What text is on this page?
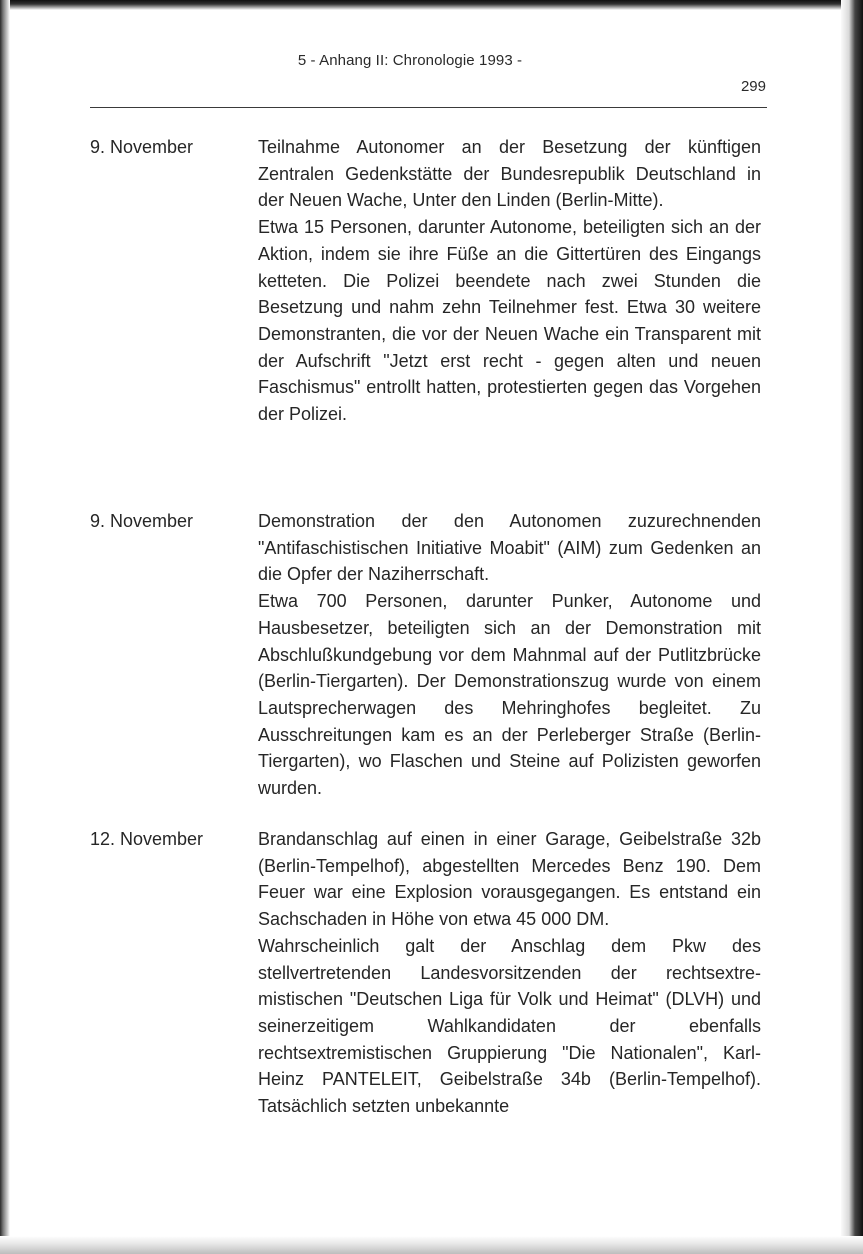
5 - Anhang II: Chronologie 1993 -
299
9. November	Teilnahme Autonomer an der Besetzung der künftigen Zentralen Gedenkstätte der Bundesrepublik Deutschland in der Neuen Wache, Unter den Linden (Berlin-Mitte).

Etwa 15 Personen, darunter Autonome, beteiligten sich an der Aktion, indem sie ihre Füße an die Gittertüren des Eingangs ketteten. Die Polizei beendete nach zwei Stunden die Besetzung und nahm zehn Teilnehmer fest. Etwa 30 weitere Demonstranten, die vor der Neuen Wache ein Transparent mit der Aufschrift "Jetzt erst recht - gegen alten und neuen Faschismus" entrollt hatten, protestierten gegen das Vorgehen der Polizei.

9. November	Demonstration der den Autonomen zuzurechnenden "Antifaschistischen Initiative Moabit" (AIM) zum Gedenken an die Opfer der Naziherrschaft.

Etwa 700 Personen, darunter Punker, Autonome und Hausbesetzer, beteiligten sich an der Demonstration mit Abschlußkundgebung vor dem Mahnmal auf der Putlitzbrücke (Berlin-Tiergarten). Der Demonstrationszug wurde von einem Lautsprecherwagen des Mehringhofes begleitet. Zu Ausschreitungen kam es an der Perleberger Straße (Berlin-Tiergarten), wo Flaschen und Steine auf Polizisten geworfen wurden.

12. November	Brandanschlag auf einen in einer Garage, Geibelstraße 32b (Berlin-Tempelhof), abgestellten Mercedes Benz 190. Dem Feuer war eine Explosion vorausgegangen. Es entstand ein Sachschaden in Höhe von etwa 45 000 DM.

Wahrscheinlich galt der Anschlag dem Pkw des stellvertretenden Landesvorsitzenden der rechtsextremistischen "Deutschen Liga für Volk und Heimat" (DLVH) und seinerzeitigem Wahlkandidaten der ebenfalls rechtsextremistischen Gruppierung "Die Nationalen", Karl-Heinz PANTELEIT, Geibelstraße 34b (Berlin-Tempelhof). Tatsächlich setzten unbekannte
